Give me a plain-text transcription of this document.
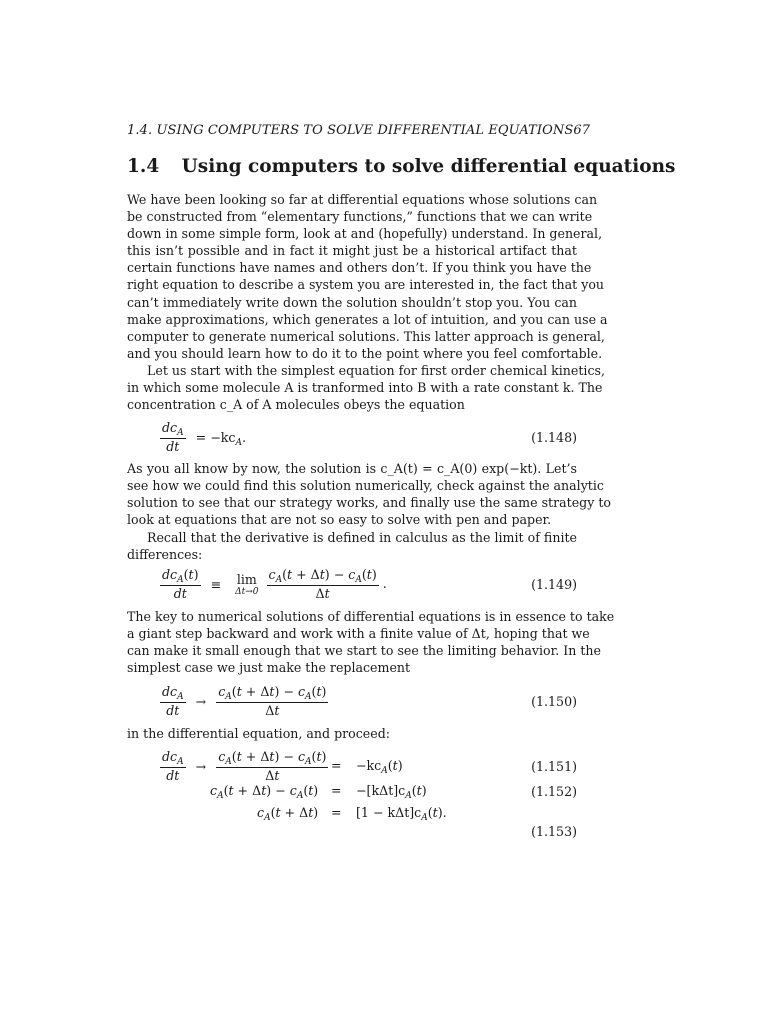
1.4. USING COMPUTERS TO SOLVE DIFFERENTIAL EQUATIONS67
1.4 Using computers to solve differential equations
We have been looking so far at differential equations whose solutions can
be constructed from “elementary functions,” functions that we can write
down in some simple form, look at and (hopefully) understand. In general,
this isn’t possible and in fact it might just be a historical artifact that
certain functions have names and others don’t. If you think you have the
right equation to describe a system you are interested in, the fact that you
can’t immediately write down the solution shouldn’t stop you. You can
make approximations, which generates a lot of intuition, and you can use a
computer to generate numerical solutions. This latter approach is general,
and you should learn how to do it to the point where you feel comfortable.
Let us start with the simplest equation for first order chemical kinetics,
in which some molecule A is tranformed into B with a rate constant k. The
concentration c_A of A molecules obeys the equation
$\frac{dc_A}{dt} = -kc_A$.	(1.148)
As you all know by now, the solution is c_A(t) = c_A(0) exp(−kt). Let’s
see how we could find this solution numerically, check against the analytic
solution to see that our strategy works, and finally use the same strategy to
look at equations that are not so easy to solve with pen and paper.
Recall that the derivative is defined in calculus as the limit of finite
differences:
$\frac{dc_A(t)}{dt} \equiv \lim$
Δt→0
$\frac{c_A(t + \Delta t) - c_A(t)}{\Delta t}$ .	(1.149)
The key to numerical solutions of differential equations is in essence to take
a giant step backward and work with a finite value of Δt, hoping that we
can make it small enough that we start to see the limiting behavior. In the
simplest case we just make the replacement
$\frac{dc_A}{dt} \to \frac{c_A(t + \Delta t) - c_A(t)}{\Delta t}$	(1.150)
in the differential equation, and proceed:
$\frac{dc_A}{dt} \to \frac{c_A(t + \Delta t) - c_A(t)}{\Delta t} = -kc_A(t)$	(1.151)
$c_A(t + \Delta t) - c_A(t) = -[k\Delta t]c_A(t)$	(1.152)
$c_A(t + \Delta t) = [1 - k\Delta t]c_A(t)$.
(1.153)
